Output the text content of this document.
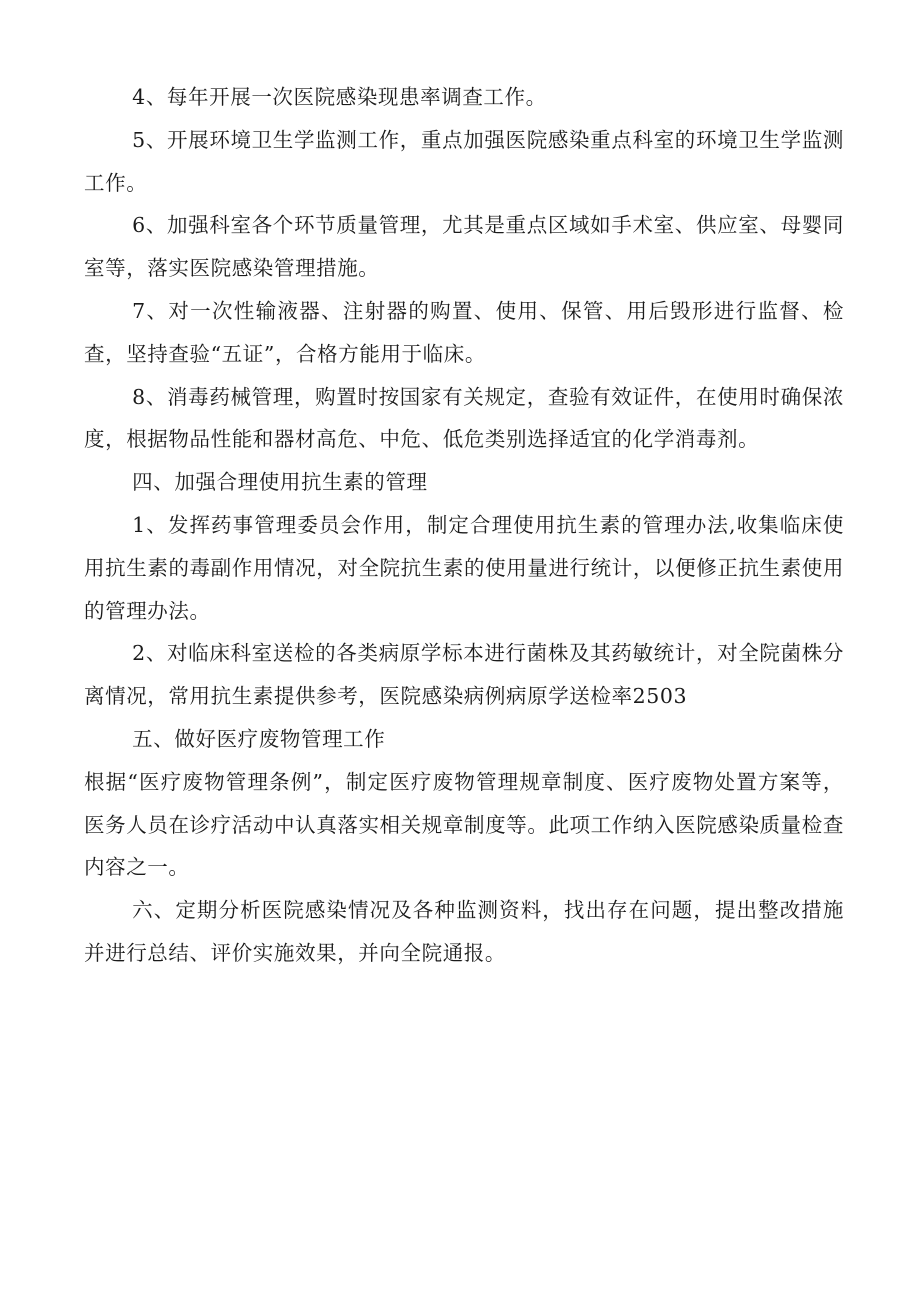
4、每年开展一次医院感染现患率调查工作。

5、开展环境卫生学监测工作，重点加强医院感染重点科室的环境卫生学监测工作。

6、加强科室各个环节质量管理，尤其是重点区域如手术室、供应室、母婴同室等，落实医院感染管理措施。

7、对一次性输液器、注射器的购置、使用、保管、用后毁形进行监督、检查，坚持查验“五证”，合格方能用于临床。

8、消毒药械管理，购置时按国家有关规定，查验有效证件，在使用时确保浓度，根据物品性能和器材高危、中危、低危类别选择适宜的化学消毒剂。

四、加强合理使用抗生素的管理

1、发挥药事管理委员会作用，制定合理使用抗生素的管理办法,收集临床使用抗生素的毒副作用情况，对全院抗生素的使用量进行统计，以便修正抗生素使用的管理办法。

2、对临床科室送检的各类病原学标本进行菌株及其药敏统计，对全院菌株分离情况，常用抗生素提供参考，医院感染病例病原学送检率2503

五、做好医疗废物管理工作

根据“医疗废物管理条例”，制定医疗废物管理规章制度、医疗废物处置方案等，医务人员在诊疗活动中认真落实相关规章制度等。此项工作纳入医院感染质量检查内容之一。

六、定期分析医院感染情况及各种监测资料，找出存在问题，提出整改措施并进行总结、评价实施效果，并向全院通报。
